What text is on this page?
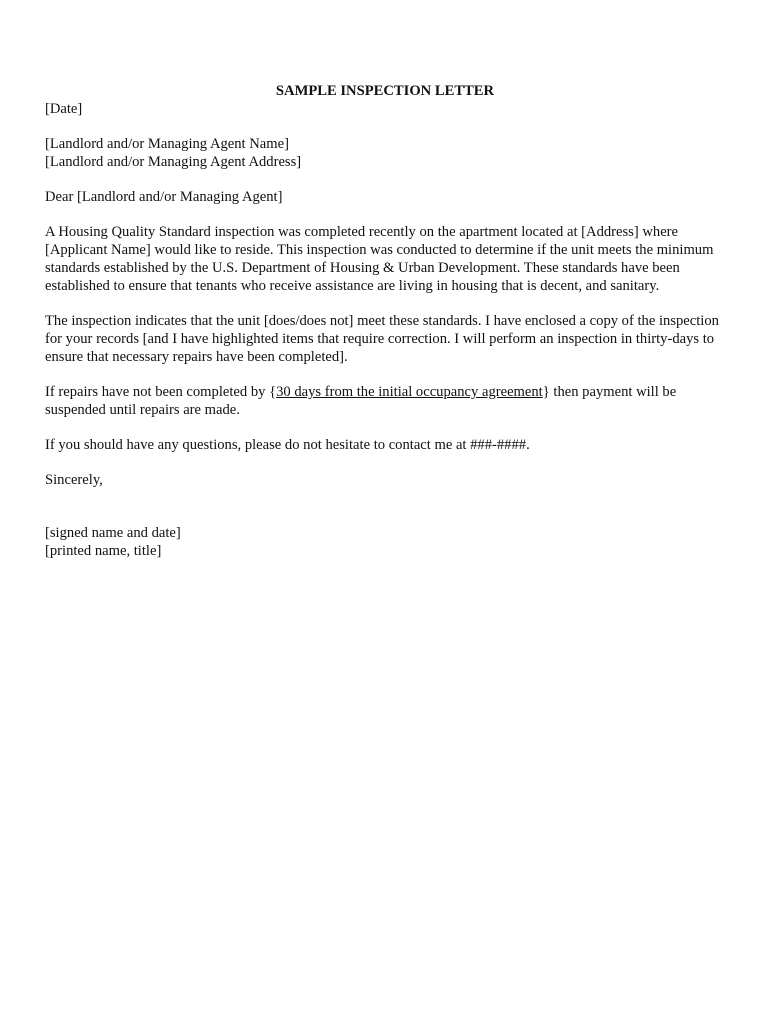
SAMPLE INSPECTION LETTER

[Date]

[Landlord and/or Managing Agent Name]

[Landlord and/or Managing Agent Address]

Dear [Landlord and/or Managing Agent]

A Housing Quality Standard inspection was completed recently on the apartment located at [Address] where [Applicant Name] would like to reside. This inspection was conducted to determine if the unit meets the minimum standards established by the U.S. Department of Housing & Urban Development. These standards have been established to ensure that tenants who receive assistance are living in housing that is decent, and sanitary.

The inspection indicates that the unit [does/does not] meet these standards. I have enclosed a copy of the inspection for your records [and I have highlighted items that require correction. I will perform an inspection in thirty-days to ensure that necessary repairs have been completed].

If repairs have not been completed by {30 days from the initial occupancy agreement} then payment will be suspended until repairs are made.

If you should have any questions, please do not hesitate to contact me at ###-####.

Sincerely,

[signed name and date]

[printed name, title]
